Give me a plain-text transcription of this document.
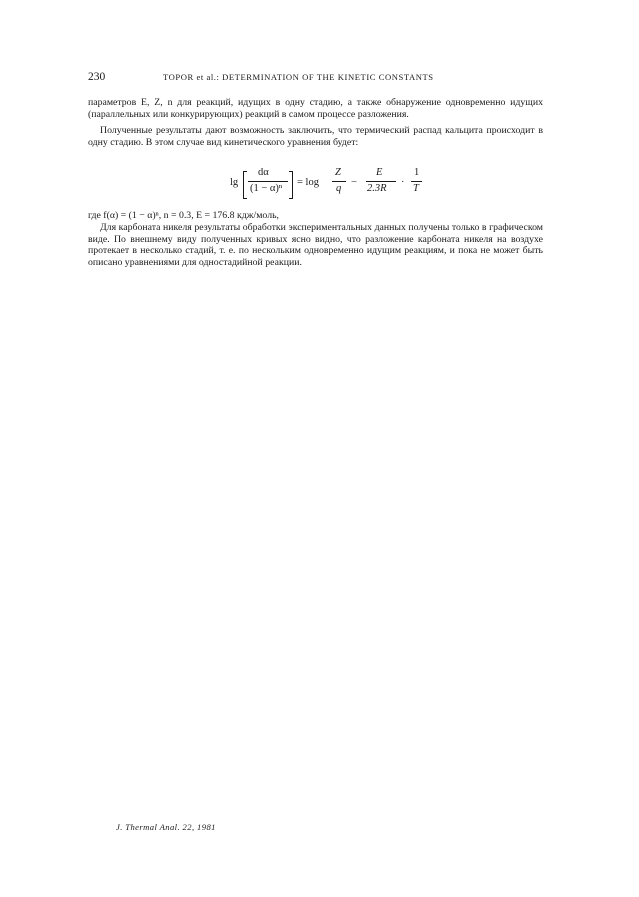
230	TOPOR et al.: DETERMINATION OF THE KINETIC CONSTANTS

параметров E, Z, n для реакций, идущих в одну стадию, а также обнаружение одновременно идущих (параллельных или конкурирующих) реакций в самом процессе разложения.

Полученные результаты дают возможность заключить, что термический распад кальцита происходит в одну стадию. В этом случае вид кинетического уравнения будет:

lg
dα
(1 − α)ⁿ
= log
Z
q
−
E
2.3R
·
1
T

где f(α) = (1 − α)ⁿ, n = 0.3, E = 176.8 кдж/моль,

Для карбоната никеля результаты обработки экспериментальных данных получены только в графическом виде. По внешнему виду полученных кривых ясно видно, что разложение карбоната никеля на воздухе протекает в несколько стадий, т. е. по нескольким одновременно идущим реакциям, и пока не может быть описано уравнениями для одностадийной реакции.

J. Thermal Anal. 22, 1981
